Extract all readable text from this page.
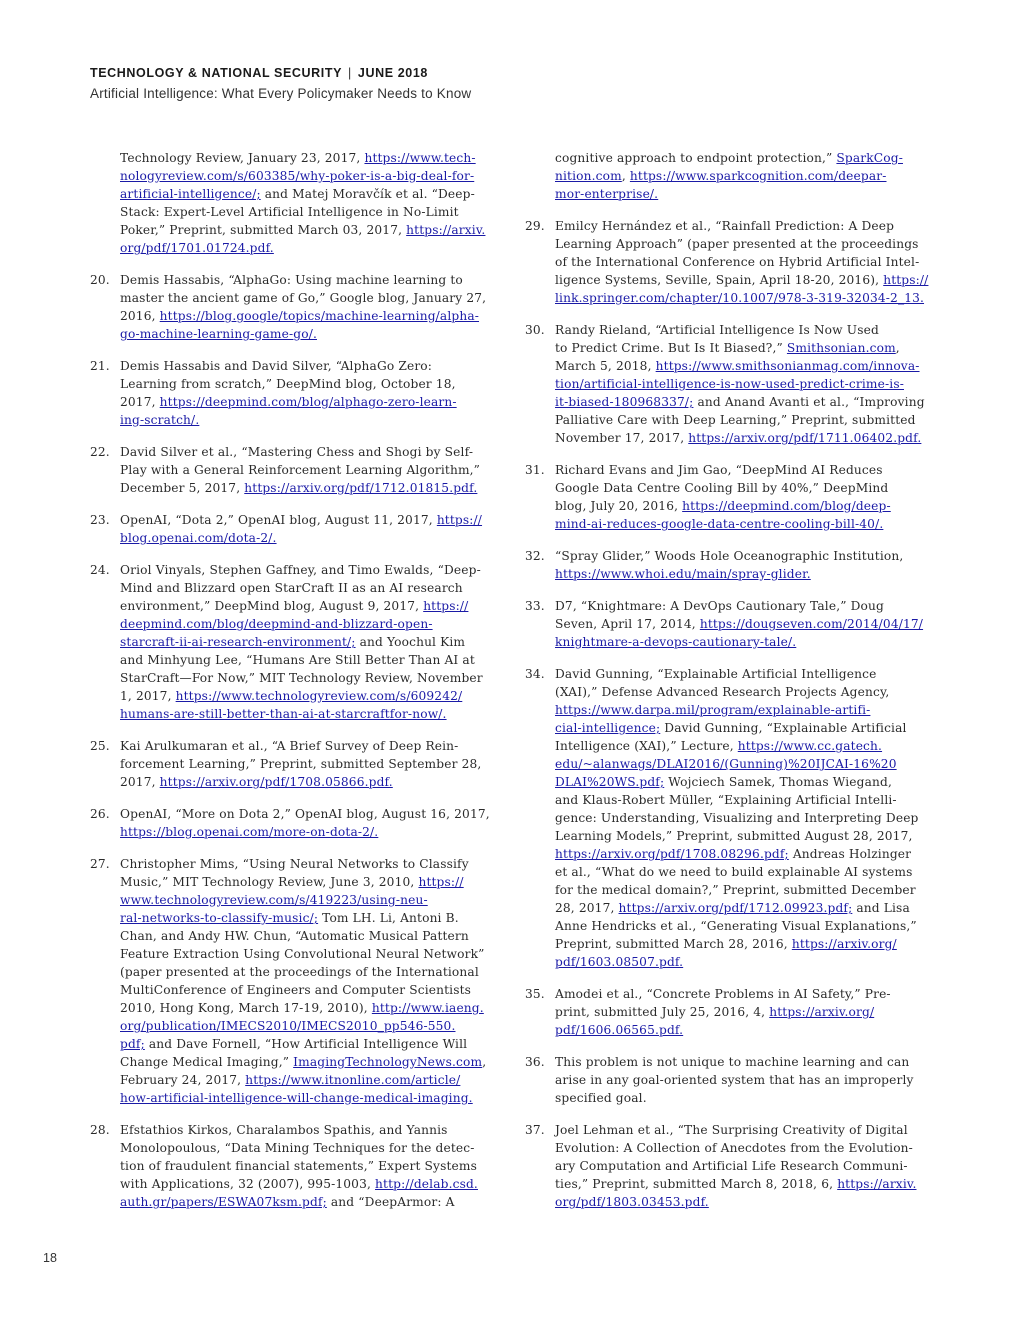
TECHNOLOGY & NATIONAL SECURITY | JUNE 2018
Artificial Intelligence: What Every Policymaker Needs to Know
Technology Review, January 23, 2017, https://www.tech-
nologyreview.com/s/603385/why-poker-is-a-big-deal-for-
artificial-intelligence/; and Matej Moravčík et al. “Deep-
Stack: Expert-Level Artificial Intelligence in No-Limit
Poker,” Preprint, submitted March 03, 2017, https://arxiv.
org/pdf/1701.01724.pdf.
20. Demis Hassabis, “AlphaGo: Using machine learning to
master the ancient game of Go,” Google blog, January 27,
2016, https://blog.google/topics/machine-learning/alpha-
go-machine-learning-game-go/.
21. Demis Hassabis and David Silver, “AlphaGo Zero:
Learning from scratch,” DeepMind blog, October 18,
2017, https://deepmind.com/blog/alphago-zero-learn-
ing-scratch/.
22. David Silver et al., “Mastering Chess and Shogi by Self-
Play with a General Reinforcement Learning Algorithm,”
December 5, 2017, https://arxiv.org/pdf/1712.01815.pdf.
23. OpenAI, “Dota 2,” OpenAI blog, August 11, 2017, https://
blog.openai.com/dota-2/.
24. Oriol Vinyals, Stephen Gaffney, and Timo Ewalds, “Deep-
Mind and Blizzard open StarCraft II as an AI research
environment,” DeepMind blog, August 9, 2017, https://
deepmind.com/blog/deepmind-and-blizzard-open-
starcraft-ii-ai-research-environment/; and Yoochul Kim
and Minhyung Lee, “Humans Are Still Better Than AI at
StarCraft—For Now,” MIT Technology Review, November
1, 2017, https://www.technologyreview.com/s/609242/
humans-are-still-better-than-ai-at-starcraftfor-now/.
25. Kai Arulkumaran et al., “A Brief Survey of Deep Rein-
forcement Learning,” Preprint, submitted September 28,
2017, https://arxiv.org/pdf/1708.05866.pdf.
26. OpenAI, “More on Dota 2,” OpenAI blog, August 16, 2017,
https://blog.openai.com/more-on-dota-2/.
27. Christopher Mims, “Using Neural Networks to Classify
Music,” MIT Technology Review, June 3, 2010, https://
www.technologyreview.com/s/419223/using-neu-
ral-networks-to-classify-music/; Tom LH. Li, Antoni B.
Chan, and Andy HW. Chun, “Automatic Musical Pattern
Feature Extraction Using Convolutional Neural Network”
(paper presented at the proceedings of the International
MultiConference of Engineers and Computer Scientists
2010, Hong Kong, March 17-19, 2010), http://www.iaeng.
org/publication/IMECS2010/IMECS2010_pp546-550.
pdf; and Dave Fornell, “How Artificial Intelligence Will
Change Medical Imaging,” ImagingTechnologyNews.com,
February 24, 2017, https://www.itnonline.com/article/
how-artificial-intelligence-will-change-medical-imaging.
28. Efstathios Kirkos, Charalambos Spathis, and Yannis
Monolopoulous, “Data Mining Techniques for the detec-
tion of fraudulent financial statements,” Expert Systems
with Applications, 32 (2007), 995-1003, http://delab.csd.
auth.gr/papers/ESWA07ksm.pdf; and “DeepArmor: A
cognitive approach to endpoint protection,” SparkCog-
nition.com, https://www.sparkcognition.com/deepar-
mor-enterprise/.
29. Emilcy Hernández et al., “Rainfall Prediction: A Deep
Learning Approach” (paper presented at the proceedings
of the International Conference on Hybrid Artificial Intel-
ligence Systems, Seville, Spain, April 18-20, 2016), https://
link.springer.com/chapter/10.1007/978-3-319-32034-2_13.
30. Randy Rieland, “Artificial Intelligence Is Now Used
to Predict Crime. But Is It Biased?,” Smithsonian.com,
March 5, 2018, https://www.smithsonianmag.com/innova-
tion/artificial-intelligence-is-now-used-predict-crime-is-
it-biased-180968337/; and Anand Avanti et al., “Improving
Palliative Care with Deep Learning,” Preprint, submitted
November 17, 2017, https://arxiv.org/pdf/1711.06402.pdf.
31. Richard Evans and Jim Gao, “DeepMind AI Reduces
Google Data Centre Cooling Bill by 40%,” DeepMind
blog, July 20, 2016, https://deepmind.com/blog/deep-
mind-ai-reduces-google-data-centre-cooling-bill-40/.
32. “Spray Glider,” Woods Hole Oceanographic Institution,
https://www.whoi.edu/main/spray-glider.
33. D7, “Knightmare: A DevOps Cautionary Tale,” Doug
Seven, April 17, 2014, https://dougseven.com/2014/04/17/
knightmare-a-devops-cautionary-tale/.
34. David Gunning, “Explainable Artificial Intelligence
(XAI),” Defense Advanced Research Projects Agency,
https://www.darpa.mil/program/explainable-artifi-
cial-intelligence; David Gunning, “Explainable Artificial
Intelligence (XAI),” Lecture, https://www.cc.gatech.
edu/~alanwags/DLAI2016/(Gunning)%20IJCAI-16%20
DLAI%20WS.pdf; Wojciech Samek, Thomas Wiegand,
and Klaus-Robert Müller, “Explaining Artificial Intelli-
gence: Understanding, Visualizing and Interpreting Deep
Learning Models,” Preprint, submitted August 28, 2017,
https://arxiv.org/pdf/1708.08296.pdf; Andreas Holzinger
et al., “What do we need to build explainable AI systems
for the medical domain?,” Preprint, submitted December
28, 2017, https://arxiv.org/pdf/1712.09923.pdf; and Lisa
Anne Hendricks et al., “Generating Visual Explanations,”
Preprint, submitted March 28, 2016, https://arxiv.org/
pdf/1603.08507.pdf.
35. Amodei et al., “Concrete Problems in AI Safety,” Pre-
print, submitted July 25, 2016, 4, https://arxiv.org/
pdf/1606.06565.pdf.
36. This problem is not unique to machine learning and can
arise in any goal-oriented system that has an improperly
specified goal.
37. Joel Lehman et al., “The Surprising Creativity of Digital
Evolution: A Collection of Anecdotes from the Evolution-
ary Computation and Artificial Life Research Communi-
ties,” Preprint, submitted March 8, 2018, 6, https://arxiv.
org/pdf/1803.03453.pdf.
18
